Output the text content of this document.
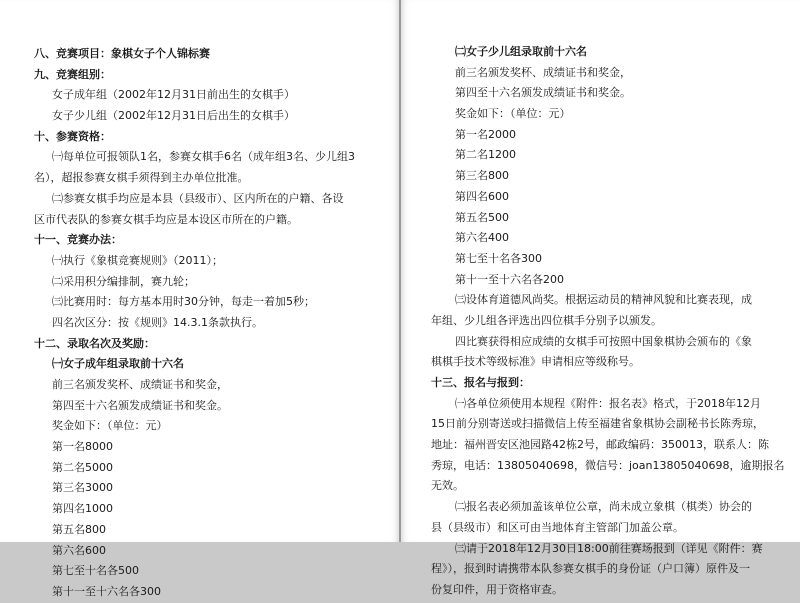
八、竞赛项目：象棋女子个人锦标赛
九、竞赛组别：
女子成年组（2002年12月31日前出生的女棋手）
女子少儿组（2002年12月31日后出生的女棋手）
十、参赛资格：
㈠每单位可报领队1名，参赛女棋手6名（成年组3名、少儿组3
名），超报参赛女棋手须得到主办单位批准。
㈡参赛女棋手均应是本县（县级市）、区内所在的户籍、各设
区市代表队的参赛女棋手均应是本设区市所在的户籍。
十一、竞赛办法：
㈠执行《象棋竞赛规则》（2011）；
㈡采用积分编排制，赛九轮；
㈢比赛用时：每方基本用时30分钟，每走一着加5秒；
四名次区分：按《规则》14.3.1条款执行。
十二、录取名次及奖励：
㈠女子成年组录取前十六名
前三名颁发奖杯、成绩证书和奖金，
第四至十六名颁发成绩证书和奖金。
奖金如下：（单位：元）
第一名8000
第二名5000
第三名3000
第四名1000
第五名800
第六名600
第七至十名各500
第十一至十六名各300
㈡女子少儿组录取前十六名
前三名颁发奖杯、成绩证书和奖金，
第四至十六名颁发成绩证书和奖金。
奖金如下：（单位：元）
第一名2000
第二名1200
第三名800
第四名600
第五名500
第六名400
第七至十名各300
第十一至十六名各200
㈢设体育道德风尚奖。根据运动员的精神风貌和比赛表现，成
年组、少儿组各评选出四位棋手分别予以颁发。
四比赛获得相应成绩的女棋手可按照中国象棋协会颁布的《象
棋棋手技术等级标准》申请相应等级称号。
十三、报名与报到：
㈠各单位须使用本规程《附件：报名表》格式，于2018年12月
15日前分别寄送或扫描微信上传至福建省象棋协会副秘书长陈秀琼，
地址：福州晋安区池园路42栋2号，邮政编码：350013，联系人：陈
秀琼，电话：13805040698，微信号：joan13805040698，逾期报名
无效。
㈡报名表必须加盖该单位公章，尚未成立象棋（棋类）协会的
县（县级市）和区可由当地体育主管部门加盖公章。
㈢请于2018年12月30日18:00前往赛场报到（详见《附件：赛
程》），报到时请携带本队参赛女棋手的身份证（户口簿）原件及一
份复印件，用于资格审查。
